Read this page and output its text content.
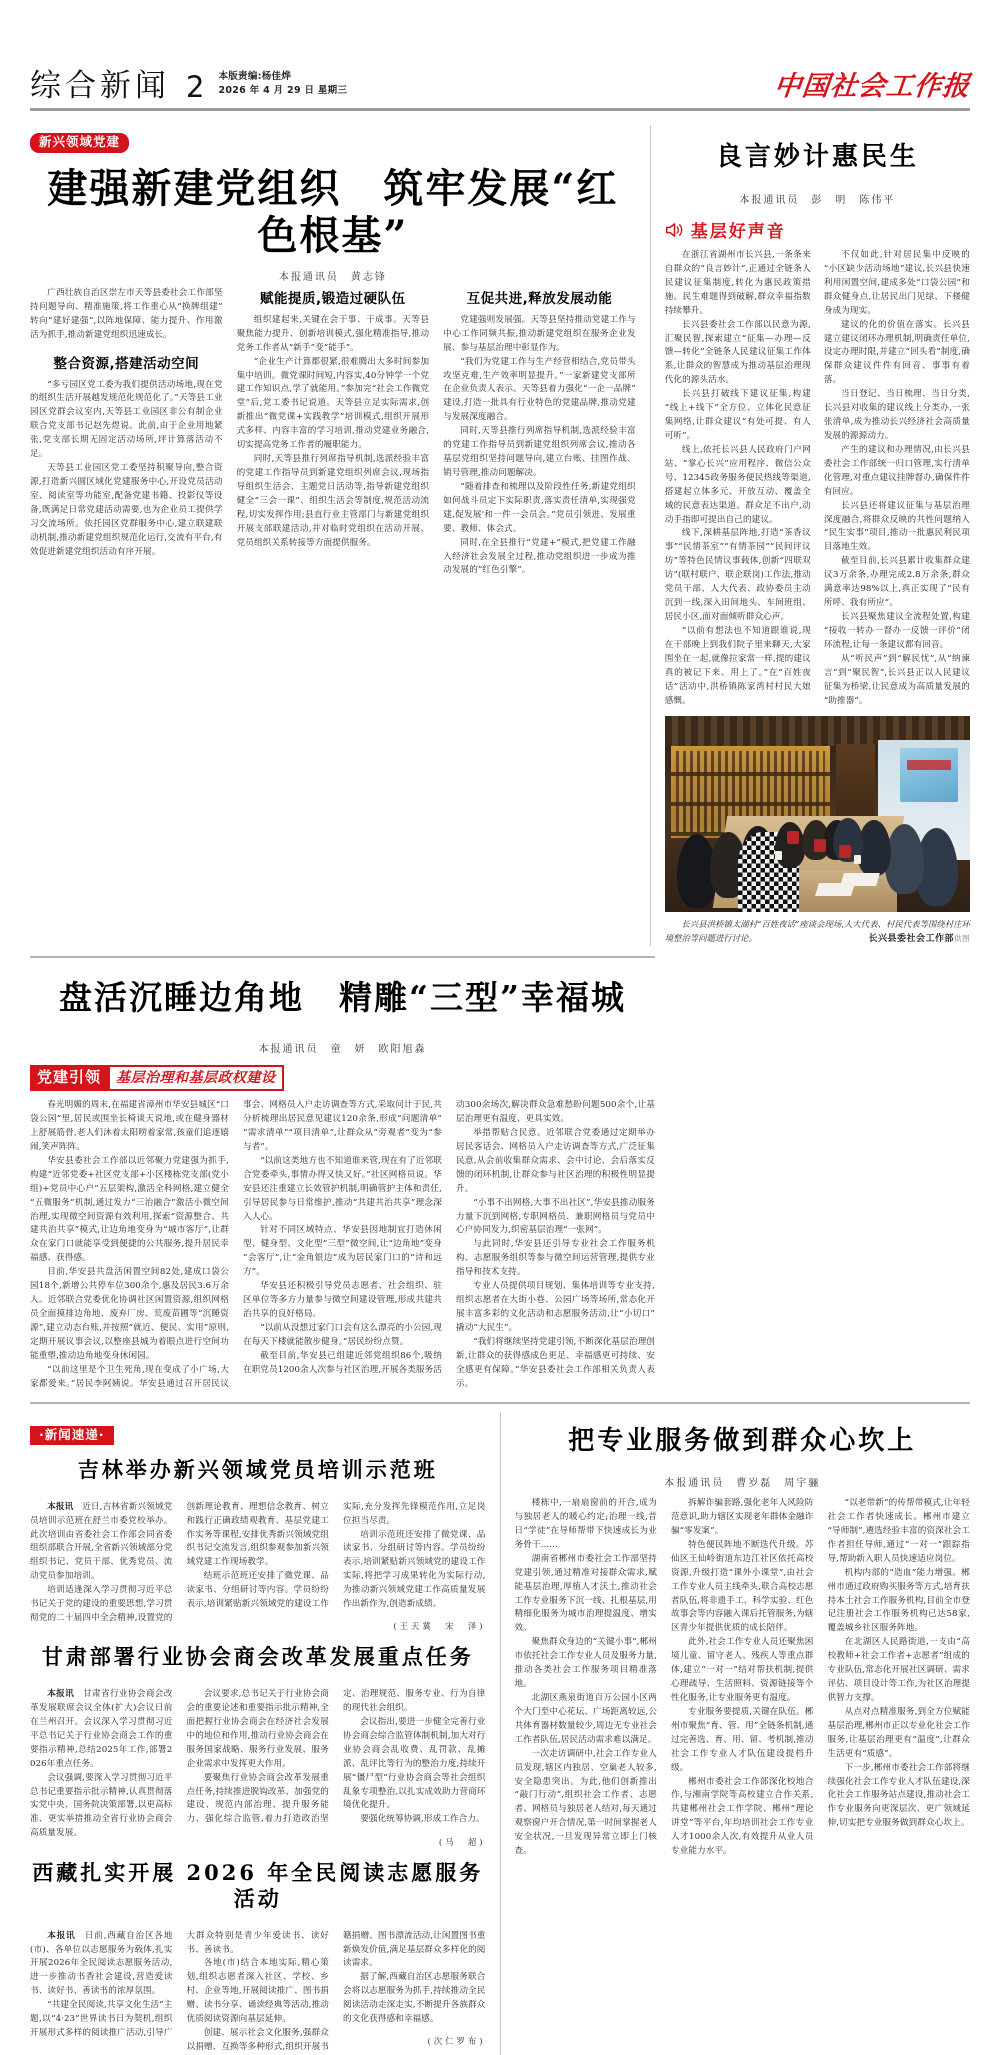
综合新闻 2 本版责编:杨佳烨
2026 年 4 月 29 日 星期三	中国社会工作报
新兴领域党建
建强新建党组织　筑牢发展“红色根基”
本报通讯员　黄志锋

广西壮族自治区崇左市天等县委社会工作部坚持问题导向、精准施策,将工作重心从“换牌组建”转向“建好建强”,以阵地保障、能力提升、作用激活为抓手,推动新建党组织迅速成长。

整合资源,搭建活动空间

“多亏园区党工委为我们提供活动场地,现在党的组织生活开展越发规范化规范化了。”天等县工业园区党群会议室内,天等县工业园区非公有制企业联合党支部书记赵先煜说。此前,由于企业用地紧张,党支部长期无固定活动场所,坪计算落活动不足。

天等县工业园区党工委坚持积聚导向,整合资源,打造新兴圆区域化党建服务中心,开设党员活动室、阅读室等功能室,配备党建书籍、投影仪等设备,既满足日常党建活动需要,也为企业员工提供学习交流场所。依托园区党群服务中心,建立联建联动机制,推动新建党组织规范化运行,交流有平台,有效促进新建党组织活动有序开展。

赋能提质,锻造过硬队伍

组织建起来,关键在会干事、干成事。天等县聚焦能力提升、创新培训模式,强化精准指导,推动党务工作者从“新手”变“能手”。

“企业生产计算都很紧,很难腾出大多时间参加集中培训。微党课时间短,内容实,40分钟学一个党建工作知识点,学了就能用。”参加完“社会工作微党堂”后,党工委书记说道。天等县立足实际需求,创新推出“微党课+实践教学”培训模式,组织开展形式多样、内容丰富的学习培训,推动党建业务融合,切实提高党务工作者的履职能力。

同时,天等县推行列席指导机制,选派经验丰富的党建工作指导员到新建党组织列席会议,现场指导组织生活会、主题党日活动等,指导新建党组织健全“三会一课”、组织生活会等制度,规范活动流程,切实发挥作用;县直行业主管部门与新建党组织开展支部联建活动,并对临时党组织在活动开展、党员组织关系转接等方面提供服务。

互促共进,释放发展动能

党建强则发展强。天等县坚持推动党建工作与中心工作同频共振,推动新建党组织在服务企业发展、参与基层治理中彰显作为。

“我们为党建工作与生产经营相结合,党员带头攻坚克难,生产效率明显提升。”一家新建党支部所在企业负责人表示。天等县着力强化“一企一品牌”建设,打造一批具有行业特色的党建品牌,推动党建与发展深度融合。

同时,天等县推行列席指导机制,选派经验丰富的党建工作指导员到新建党组织列席会议,推动各基层党组织坚持问题导向,建立台账、挂图作战、销号管理,推动问题解决。

“随着排查和梳理以及阶段性任务,新建党组织如何战斗员定下实际职责,落实责任清单,实现强党建,促发展'和一件一会员会。”党员引领进、发展重要、教师、体会式。

同时,在全县推行“党建+”模式,把党建工作融入经济社会发展全过程,推动党组织进一步成为推动发展的“红色引擎”。

良言妙计惠民生
本报通讯员　彭　明　陈伟平
基层好声音

在浙江省湖州市长兴县,一条条来自群众的“良言妙计”,正通过全链条人民建议征集制度,转化为惠民政策措施。民生难题得到破解,群众幸福指数持续攀升。

长兴县委社会工作部以民意为源,汇聚民智,探索建立“征集—办理—反馈—转化”全链条人民建议征集工作体系,让群众的智慧成为推动基层治理现代化的源头活水。

长兴县打破线下建议征集,构建“线上+线下”全方位、立体化民意征集网络,让群众建议“有处可提、有人可听”。

线上,依托长兴县人民政府门户网站、“掌心长兴”应用程序、微信公众号、12345政务服务便民热线等渠道,搭建起立体多元、开放互动、覆盖全域的民意表达渠道。群众足不出户,动动手指即可提出自己的建议。

线下,深耕基层阵地,打造“茶香议事”“民情茶室”“有情茶园”“民间评议坊”等特色民情议事载体,创新“四联双访”(联村联户、联企联岗)工作法,推动党员干部、人大代表、政协委员主动沉到一线,深入田间地头、车间班组、居民小区,面对面倾听群众心声。

“以前有想法也不知道跟谁说,现在干部晚上到我们院子里来聊天,大家围坐在一起,就像拉家常一样,提的建议真的被记下来、用上了。”在“百姓夜话”活动中,洪桥镇陈家湾村村民大娘感慨。

不仅如此,针对居民集中反映的“小区缺少活动场地”建议,长兴县快速利用闲置空间,建成多处“口袋公园”和群众健身点,让居民出门见绿、下楼健身成为现实。

建议的化的价值在落实。长兴县建立建议闭环办理机制,明确责任单位,设定办理时限,并建立“回头看”制度,确保群众建议件件有回音、事事有着落。

当日登记、当日梳理、当日分类,长兴县对收集的建议线上分类办,一张张清单,成为推动长兴经济社会高质量发展的源源动力。

产生的建议和办理情况,由长兴县委社会工作部统一归口管理,实行清单化管理,对重点建议挂牌督办,确保件件有回应。

长兴县还将建议征集与基层治理深度融合,将群众反映的共性问题纳入“民生实事”项目,推动一批惠民利民项目落地生效。

截至目前,长兴县累计收集群众建议3万余条,办理完成2.8万余条,群众满意率达98%以上,真正实现了“民有所呼、我有所应”。

长兴县聚焦建议全流程处置,构建“接收一转办一督办一反馈一评价”闭环流程,让每一条建议都有回音。

从“听民声”到“解民忧”,从“纳谏言”到“聚民智”,长兴县正以人民建议征集为桥梁,让民意成为高质量发展的“助推器”。

长兴县洪桥镇太湖村“百姓夜话”座谈会现场,人大代表、村民代表等围绕村庄环境整治等问题进行讨论。	长兴县委社会工作部供图
盘活沉睡边角地　精雕“三型”幸福城
本报通讯员　童　妍　欧阳旭淼
党建引领	基层治理和基层政权建设

春光明媚的周末,在福建省漳州市华安县城区“口袋公园”里,居民或围坐长椅谈天说地,或在健身器材上舒展筋骨,老人们沐着太阳唠着家常,孩童们追逐嬉闹,笑声阵阵。

华安县委社会工作部以近邻聚力党建强为抓手,构建“近邻党委+社区党支部+小区楼栋党支部(党小组)+党员中心户”五层架构,激活全科网格,建立健全“五微服务”机制,通过发力“三治融合”激活小微空间治理,实现微空间资源有效利用,探索“资源整合、共建共治共享”模式,让边角地变身为“城市客厅”,让群众在家门口就能享受到便捷的公共服务,提升居民幸福感、获得感。

目前,华安县共盘活闲置空间82处,建成口袋公园18个,新增公共停车位300余个,惠及居民3.6万余人。近邻联合党委优化协调社区闲置资源,组织网格员全面摸排边角地、废弃厂房、荒废苗圃等“沉睡资源”,建立动态台账,并按照“就近、便民、实用”原则,定期开展议事会议,以整座县城为着眼点进行空间功能重塑,推动边角地变身休闲园。

“以前这里是个卫生死角,现在变成了小广场,大家都爱来。”居民李阿姨说。华安县通过召开居民议事会、网格员入户走访调查等方式,采取问计于民,共分析梳理出居民意见建议120余条,形成“问题清单”“需求清单”“项目清单”,让群众从“旁观者”变为“参与者”。

“以前这类地方也不知道谁来管,现在有了近邻联合党委牵头,事情办得又快又好。”社区网格员说。华安县还注重建立长效管护机制,明确管护主体和责任,引导居民参与日常维护,推动“共建共治共享”理念深入人心。

针对不同区域特点、华安县因地制宜打造休闲型、健身型、文化型“三型”微空间,让“边角地”变身“会客厅”,让“金角银边”成为居民家门口的“诗和远方”。

华安县还积极引导党员志愿者、社会组织、驻区单位等多方力量参与微空间建设管理,形成共建共治共享的良好格局。

“以前从没想过家门口会有这么漂亮的小公园,现在每天下楼就能散步健身。”居民纷纷点赞。

截至目前,华安县已组建近邻党组织86个,吸纳在职党员1200余人次参与社区治理,开展各类服务活动300余场次,解决群众急难愁盼问题500余个,让基层治理更有温度、更具实效。

举措帮贴合民意。近邻联合党委通过定期举办居民客话会、网格员入户走访调查等方式,广泛征集民意,从会前收集群众需求、会中讨论、会后落实反馈的闭环机制,让群众参与社区治理的积极性明显提升。

“小事不出网格,大事不出社区”,华安县推动服务力量下沉到网格,专职网格员、兼职网格员与党员中心户协同发力,织密基层治理“一张网”。

与此同时,华安县还引导专业社会工作服务机构、志愿服务组织等参与微空间运营管理,提供专业指导和技术支持。

专业人员提供项目规划、集体培训等专业支持,组织志愿者在大街小巷、公园广场等场所,常态化开展丰富多彩的文化活动和志愿服务活动,让“小切口”撬动“大民生”。

“我们将继续坚持党建引领,不断深化基层治理创新,让群众的获得感成色更足、幸福感更可持续、安全感更有保障。”华安县委社会工作部相关负责人表示。

·新闻速递·
吉林举办新兴领域党员培训示范班

本报讯　 近日,吉林省新兴领域党员培训示范班在舒兰市委党校举办。此次培训由省委社会工作部会同省委组织部联合开展,全省新兴领域部分党组织书记、党员干部、优秀党员、流动党员参加培训。

培训适逢深入学习贯彻习近平总书记关于党的建设的重要思想,学习贯彻党的二十届四中全会精神,设置党的创新理论教育、理想信念教育、树立和践行正确政绩观教育、基层党建工作实务等课程,安排优秀新兴领域党组织书记交流发言,组织参观参加新兴领域党建工作现场教学。

结班示范班还安排了微党课、品读家书、分组研讨等内容。学员纷纷表示,培训紧贴新兴领域党的建设工作实际,充分发挥先锋模范作用,立足岗位担当尽责。

培训示范班还安排了微党课、品读家书、分组研讨等内容。学员纷纷表示,培训紧贴新兴领域党的建设工作实际,将把学习成果转化为实际行动,为推动新兴领域党建工作高质量发展作出新作为,创造新成绩。

(王天冀　宋　泽)

甘肃部署行业协会商会改革发展重点任务

本报讯　 甘肃省行业协会商会改革发展联席会议全体(扩大)会议日前在兰州召开。会议深入学习贯彻习近平总书记关于行业协会商会工作的重要指示精神,总结2025年工作,部署2026年重点任务。

会议强调,要深入学习贯彻习近平总书记重要指示批示精神,认真贯彻落实党中央、国务院决策部署,以更高标准、更实举措推动全省行业协会商会高质量发展。

会议要求,总书记关于行业协会商会的重要论述和重要指示批示精神,全面把握行业协会商会在经济社会发展中的地位和作用,推动行业协会商会在服务国家战略、服务行业发展、服务企业需求中发挥更大作用。

要聚焦行业协会商会改革发展重点任务,持续推进脱钩改革、加强党的建设、规范内部治理、提升服务能力、强化综合监管,着力打造政治坚定、治理规范、服务专业、行为自律的现代社会组织。

会议指出,要进一步健全完善行业协会商会综合监管体制机制,加大对行业协会商会乱收费、乱罚款、乱摊派、乱评比等行为的整治力度,持续开展“僵尸型”行业协会商会等社会组织乱象专项整治,以扎实成效助力营商环境优化提升。

要强化统筹协调,形成工作合力。

(马　超)

西藏扎实开展 2026 年全民阅读志愿服务活动

本报讯　 日前,西藏自治区各地(市)、各单位以志愿服务为载体,扎实开展2026年全民阅读志愿服务活动,进一步推动书香社会建设,营造爱读书、读好书、善读书的浓厚氛围。

“共建全民阅读,共享文化生活”主题,以“4·23”世界读书日为契机,组织开展形式多样的阅读推广活动,引导广大群众特别是青少年爱读书、读好书、善读书。

各地(市)结合本地实际,精心策划,组织志愿者深入社区、学校、乡村、企业等地,开展阅读推广、图书捐赠、读书分享、诵读经典等活动,推动优质阅读资源向基层延伸。

创建、展示社会文化服务,强群众以捐赠、互换等多种形式,组织开展书籍捐赠、图书漂流活动,让闲置图书重新焕发价值,满足基层群众多样化的阅读需求。

据了解,西藏自治区志愿服务联合会将以志愿服务为抓手,持续推动全民阅读活动走深走实,不断提升各族群众的文化获得感和幸福感。

(次仁罗布)

把专业服务做到群众心坎上
本报通讯员　曹岁磊　周宇骊

楼栋中,一扇扇窗前的开合,成为与独居老人的暖心约定;治理一线,昔日“学徒”在导师帮带下快速成长为业务骨干……

湖南省郴州市委社会工作部坚持党建引领,通过精准对接群众需求,赋能基层治理,厚植人才沃土,推动社会工作专业服务下沉一线、扎根基层,用精细化服务为城市治理提温度、增实效。

聚焦群众身边的“关键小事”,郴州市依托社会工作专业人员及服务力量,推动各类社会工作服务项目精准落地。

北湖区燕泉街道百万公园小区两个大门至中心花坛、广场距离较远,公共体育器材数量较少,周边无专业社会工作者队伍,居民活动需求难以满足。

一次走访调研中,社会工作专业人员发现,辖区内独居、空巢老人较多,安全隐患突出。为此,他们创新推出“敲门行动”,组织社会工作者、志愿者、网格员与独居老人结对,每天通过观察窗户开合情况,第一时间掌握老人安全状况,一旦发现异常立即上门核查。

拆解诈骗套路,强化老年人风险防范意识,助力辖区实现老年群体金融诈骗“零发案”。

特色便民阵地不断迭代升级。苏仙区王仙岭街道东边江社区依托高校资源,升级打造“课外小课堂”,由社会工作专业人员主线牵头,联合高校志愿者队伍,将非遗手工、科学实验、红色故事会等内容融入课后托管服务,为辖区青少年提供优质的成长陪伴。

此外,社会工作专业人员还聚焦困境儿童、留守老人、残疾人等重点群体,建立“一对一”结对帮扶机制,提供心理疏导、生活照料、资源链接等个性化服务,让专业服务更有温度。

专业服务要提质,关键在队伍。郴州市聚焦“育、管、用”全链条机制,通过完善选、育、用、留、考机制,推动社会工作专业人才队伍建设提档升级。

郴州市委社会工作部深化校地合作,与湘南学院等高校建立合作关系,共建郴州社会工作学院、郴州“理论讲堂”等平台,年均培训社会工作专业人才1000余人次,有效提升从业人员专业能力水平。

“以老带新”的传帮带模式,让年轻社会工作者快速成长。郴州市建立“导师制”,遴选经验丰富的资深社会工作者担任导师,通过“一对一”跟踪指导,帮助新入职人员快速适应岗位。

机构内部的“造血”能力增强。郴州市通过政府购买服务等方式,培育扶持本土社会工作服务机构,目前全市登记注册社会工作服务机构已达58家,覆盖城乡社区服务阵地。

在北湖区人民路街道,一支由“高校教师+社会工作者+志愿者”组成的专业队伍,常态化开展社区调研、需求评估、项目设计等工作,为社区治理提供智力支撑。

从点对点精准服务,到全方位赋能基层治理,郴州市正以专业化社会工作服务,让基层治理更有“温度”,让群众生活更有“质感”。

下一步,郴州市委社会工作部将继续强化社会工作专业人才队伍建设,深化社会工作服务站点建设,推动社会工作专业服务向更深层次、更广领域延伸,切实把专业服务做到群众心坎上。
